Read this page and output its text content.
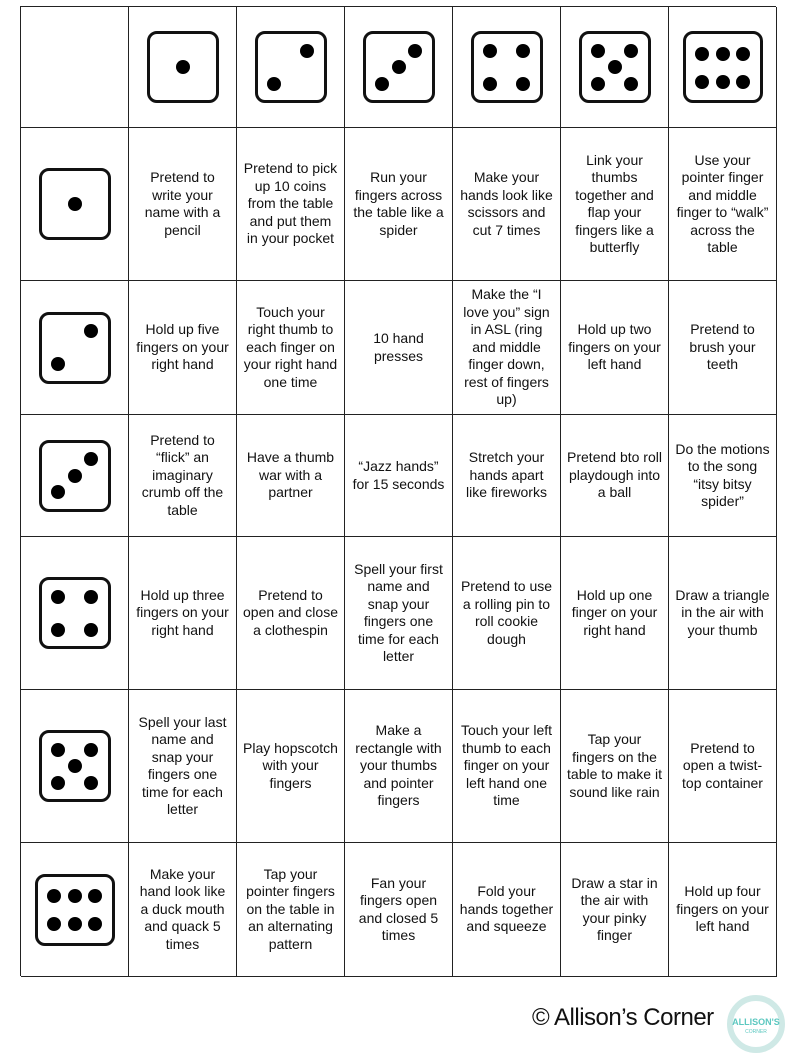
Pretend to write your name with a pencil
Pretend to pick up 10 coins from the table and put them in your pocket
Run your fingers across the table like a spider
Make your hands look like scissors and cut 7 times
Link your thumbs together and flap your fingers like a butterfly
Use your pointer finger and middle finger to “walk” across the table
Hold up five fingers on your right hand
Touch your right thumb to each finger on your right hand one time
10 hand presses
Make the “I love you” sign in ASL (ring and middle finger down, rest of fingers up)
Hold up two fingers on your left hand
Pretend to brush your teeth
Pretend to “flick” an imaginary crumb off the table
Have a thumb war with a partner
“Jazz hands” for 15 seconds
Stretch your hands apart like fireworks
Pretend bto roll playdough into a ball
Do the motions to the song “itsy bitsy spider”
Hold up three fingers on your right hand
Pretend to open and close a clothespin
Spell your first name and snap your fingers one time for each letter
Pretend to use a rolling pin to roll cookie dough
Hold up one finger on your right hand
Draw a triangle in the air with your thumb
Spell your last name and snap your fingers one time for each letter
Play hopscotch with your fingers
Make a rectangle with your thumbs and pointer fingers
Touch your left thumb to each finger on your left hand one time
Tap your fingers on the table to make it sound like rain
Pretend to open a twist-top container
Make your hand look like a duck mouth and quack 5 times
Tap your pointer fingers on the table in an alternating pattern
Fan your fingers open and closed 5 times
Fold your hands together and squeeze
Draw a star in the air with your pinky finger
Hold up four fingers on your left hand
© Allison’s Corner ALLISON'S
CORNER
